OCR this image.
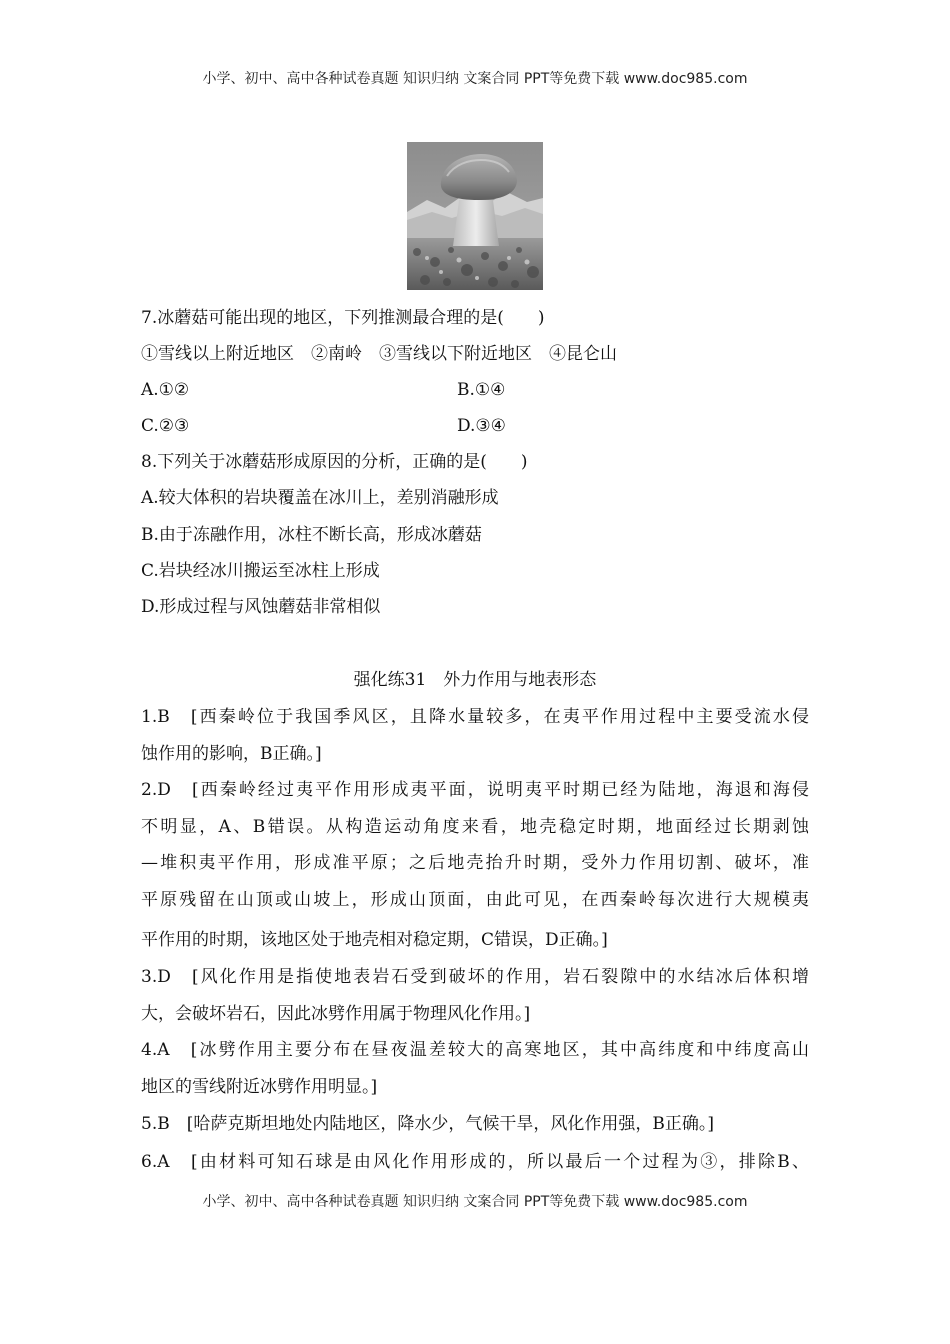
小学、初中、高中各种试卷真题 知识归纳 文案合同 PPT等免费下载 www.doc985.com
7.冰蘑菇可能出现的地区，下列推测最合理的是(　　)
①雪线以上附近地区　②南岭　③雪线以下附近地区　④昆仑山
A.①②	B.①④
C.②③	D.③④
8.下列关于冰蘑菇形成原因的分析，正确的是(　　)
A.较大体积的岩块覆盖在冰川上，差别消融形成
B.由于冻融作用，冰柱不断长高，形成冰蘑菇
C.岩块经冰川搬运至冰柱上形成
D.形成过程与风蚀蘑菇非常相似
强化练31　外力作用与地表形态
1.B　[西秦岭位于我国季风区，且降水量较多，在夷平作用过程中主要受流水侵
蚀作用的影响，B正确。]
2.D　[西秦岭经过夷平作用形成夷平面，说明夷平时期已经为陆地，海退和海侵
不明显，A、B错误。从构造运动角度来看，地壳稳定时期，地面经过长期剥蚀
—堆积夷平作用，形成准平原；之后地壳抬升时期，受外力作用切割、破坏，准
平原残留在山顶或山坡上，形成山顶面，由此可见，在西秦岭每次进行大规模夷
平作用的时期，该地区处于地壳相对稳定期，C错误，D正确。]
3.D　[风化作用是指使地表岩石受到破坏的作用，岩石裂隙中的水结冰后体积增
大，会破坏岩石，因此冰劈作用属于物理风化作用。]
4.A　[冰劈作用主要分布在昼夜温差较大的高寒地区，其中高纬度和中纬度高山
地区的雪线附近冰劈作用明显。]
5.B　[哈萨克斯坦地处内陆地区，降水少，气候干旱，风化作用强，B正确。]
6.A　[由材料可知石球是由风化作用形成的，所以最后一个过程为③，排除B、
小学、初中、高中各种试卷真题 知识归纳 文案合同 PPT等免费下载 www.doc985.com
